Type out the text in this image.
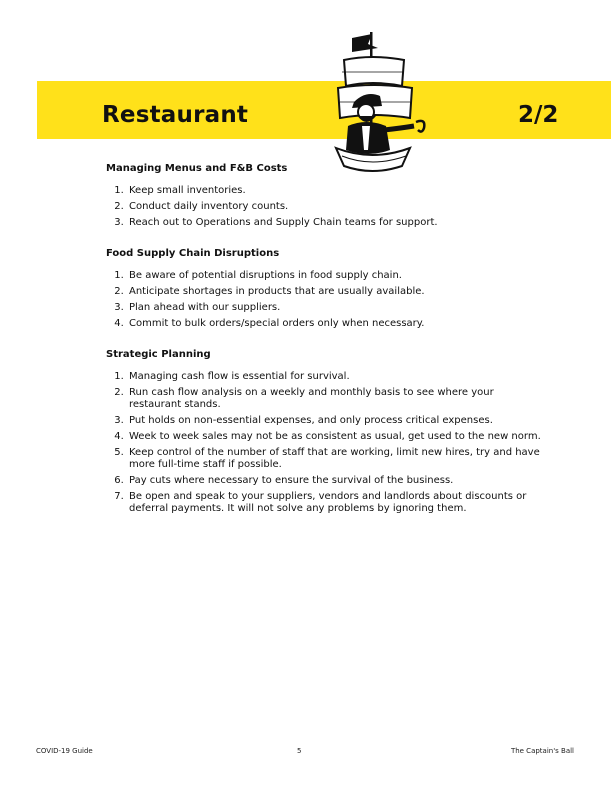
Restaurant	2/2
Managing Menus and F&B Costs
1. Keep small inventories.
2. Conduct daily inventory counts.
3. Reach out to Operations and Supply Chain teams for support.
Food Supply Chain Disruptions
1. Be aware of potential disruptions in food supply chain.
2. Anticipate shortages in products that are usually available.
3. Plan ahead with our suppliers.
4. Commit to bulk orders/special orders only when necessary.
Strategic Planning
1. Managing cash flow is essential for survival.
2. Run cash flow analysis on a weekly and monthly basis to see where your restaurant stands.
3. Put holds on non-essential expenses, and only process critical expenses.
4. Week to week sales may not be as consistent as usual, get used to the new norm.
5. Keep control of the number of staff that are working, limit new hires, try and have more full-time staff if possible.
6. Pay cuts where necessary to ensure the survival of the business.
7. Be open and speak to your suppliers, vendors and landlords about discounts or deferral payments. It will not solve any problems by ignoring them.
COVID-19 Guide	5	The Captain's Ball
